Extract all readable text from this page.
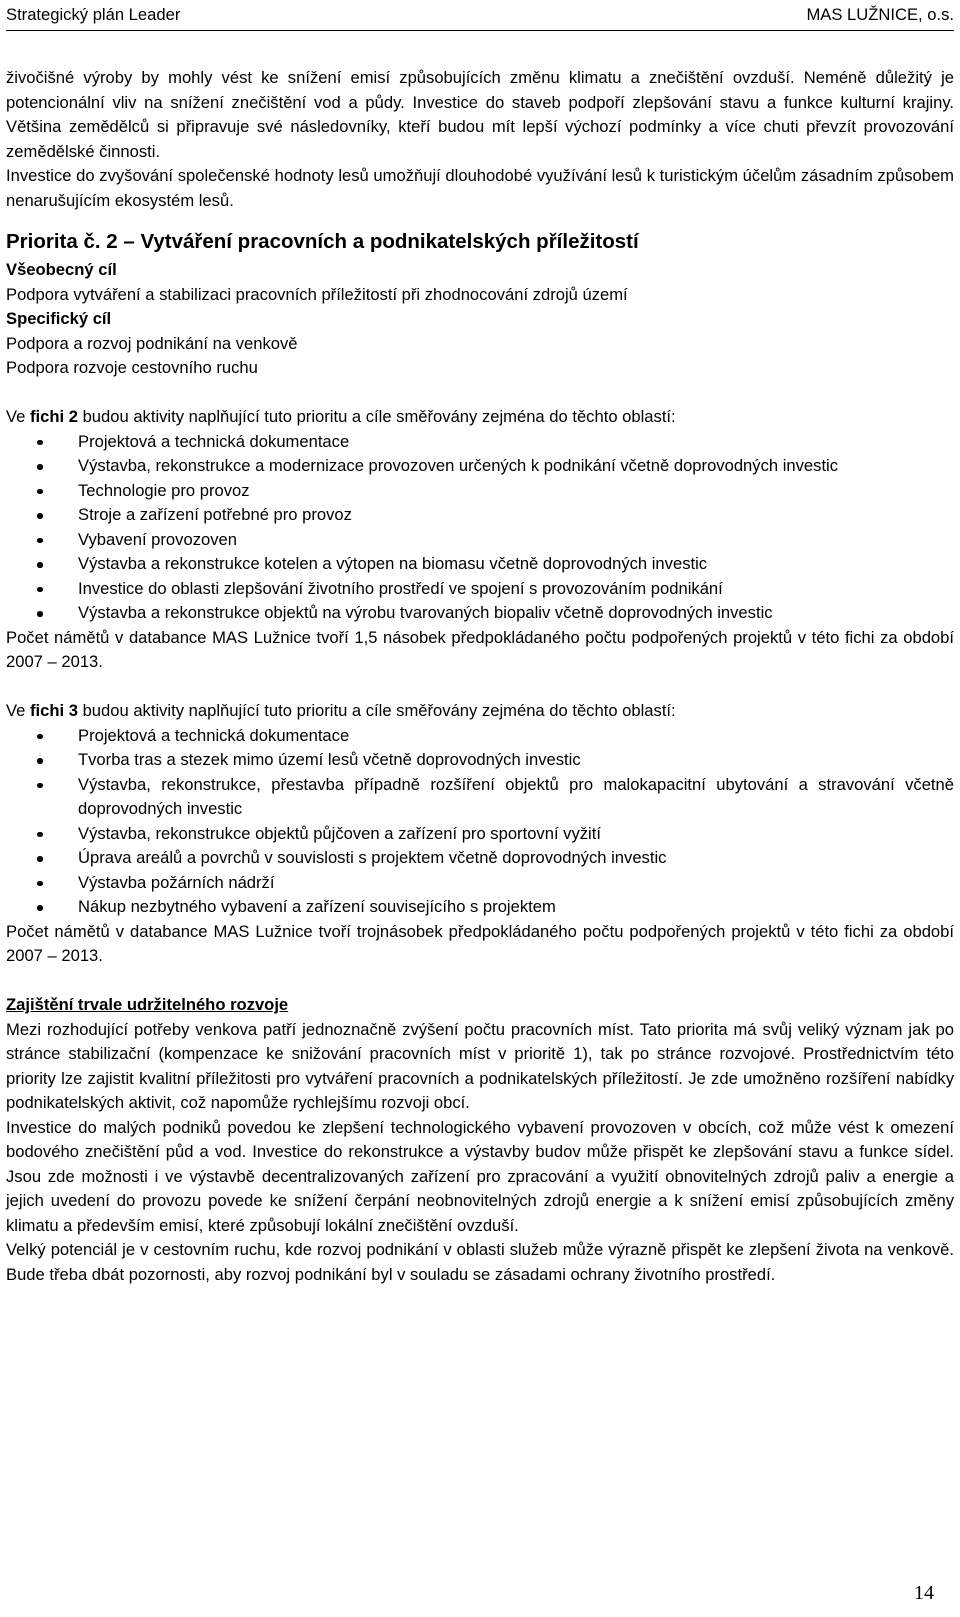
Strategický plán Leader	MAS LUŽNICE, o.s.

živočišné výroby by mohly vést ke snížení emisí způsobujících změnu klimatu a znečištění ovzduší. Neméně důležitý je potencionální vliv na snížení znečištění vod a půdy. Investice do staveb podpoří zlepšování stavu a funkce kulturní krajiny. Většina zemědělců si připravuje své následovníky, kteří budou mít lepší výchozí podmínky a více chuti převzít provozování zemědělské činnosti.

Investice do zvyšování společenské hodnoty lesů umožňují dlouhodobé využívání lesů k turistickým účelům zásadním způsobem nenarušujícím ekosystém lesů.

Priorita č. 2 – Vytváření pracovních a podnikatelských příležitostí

Všeobecný cíl

Podpora vytváření a stabilizaci pracovních příležitostí při zhodnocování zdrojů území

Specifický cíl

Podpora a rozvoj podnikání na venkově

Podpora rozvoje cestovního ruchu

Ve fichi 2 budou aktivity naplňující tuto prioritu a cíle směřovány zejména do těchto oblastí:

Projektová a technická dokumentace
Výstavba, rekonstrukce a modernizace provozoven určených k podnikání včetně doprovodných investic
Technologie pro provoz
Stroje a zařízení potřebné pro provoz
Vybavení provozoven
Výstavba a rekonstrukce kotelen a výtopen na biomasu včetně doprovodných investic
Investice do oblasti zlepšování životního prostředí ve spojení s provozováním podnikání
Výstavba a rekonstrukce objektů na výrobu tvarovaných biopaliv včetně doprovodných investic

Počet námětů v databance MAS Lužnice tvoří 1,5 násobek předpokládaného počtu podpořených projektů v této fichi za období 2007 – 2013.

Ve fichi 3 budou aktivity naplňující tuto prioritu a cíle směřovány zejména do těchto oblastí:

Projektová a technická dokumentace
Tvorba tras a stezek mimo území lesů včetně doprovodných investic
Výstavba, rekonstrukce, přestavba případně rozšíření objektů pro malokapacitní ubytování a stravování včetně doprovodných investic
Výstavba, rekonstrukce objektů půjčoven a zařízení pro sportovní vyžití
Úprava areálů a povrchů v souvislosti s projektem včetně doprovodných investic
Výstavba požárních nádrží
Nákup nezbytného vybavení a zařízení souvisejícího s projektem

Počet námětů v databance MAS Lužnice tvoří trojnásobek předpokládaného počtu podpořených projektů v této fichi za období 2007 – 2013.

Zajištění trvale udržitelného rozvoje

Mezi rozhodující potřeby venkova patří jednoznačně zvýšení počtu pracovních míst. Tato priorita má svůj veliký význam jak po stránce stabilizační (kompenzace ke snižování pracovních míst v prioritě 1), tak po stránce rozvojové. Prostřednictvím této priority lze zajistit kvalitní příležitosti pro vytváření pracovních a podnikatelských příležitostí. Je zde umožněno rozšíření nabídky podnikatelských aktivit, což napomůže rychlejšímu rozvoji obcí.

Investice do malých podniků povedou ke zlepšení technologického vybavení provozoven v obcích, což může vést k omezení bodového znečištění půd a vod. Investice do rekonstrukce a výstavby budov může přispět ke zlepšování stavu a funkce sídel. Jsou zde možnosti i ve výstavbě decentralizovaných zařízení pro zpracování a využití obnovitelných zdrojů paliv a energie a jejich uvedení do provozu povede ke snížení čerpání neobnovitelných zdrojů energie a k snížení emisí způsobujících změny klimatu a především emisí, které způsobují lokální znečištění ovzduší.

Velký potenciál je v cestovním ruchu, kde rozvoj podnikání v oblasti služeb může výrazně přispět ke zlepšení života na venkově. Bude třeba dbát pozornosti, aby rozvoj podnikání byl v souladu se zásadami ochrany životního prostředí.

14
